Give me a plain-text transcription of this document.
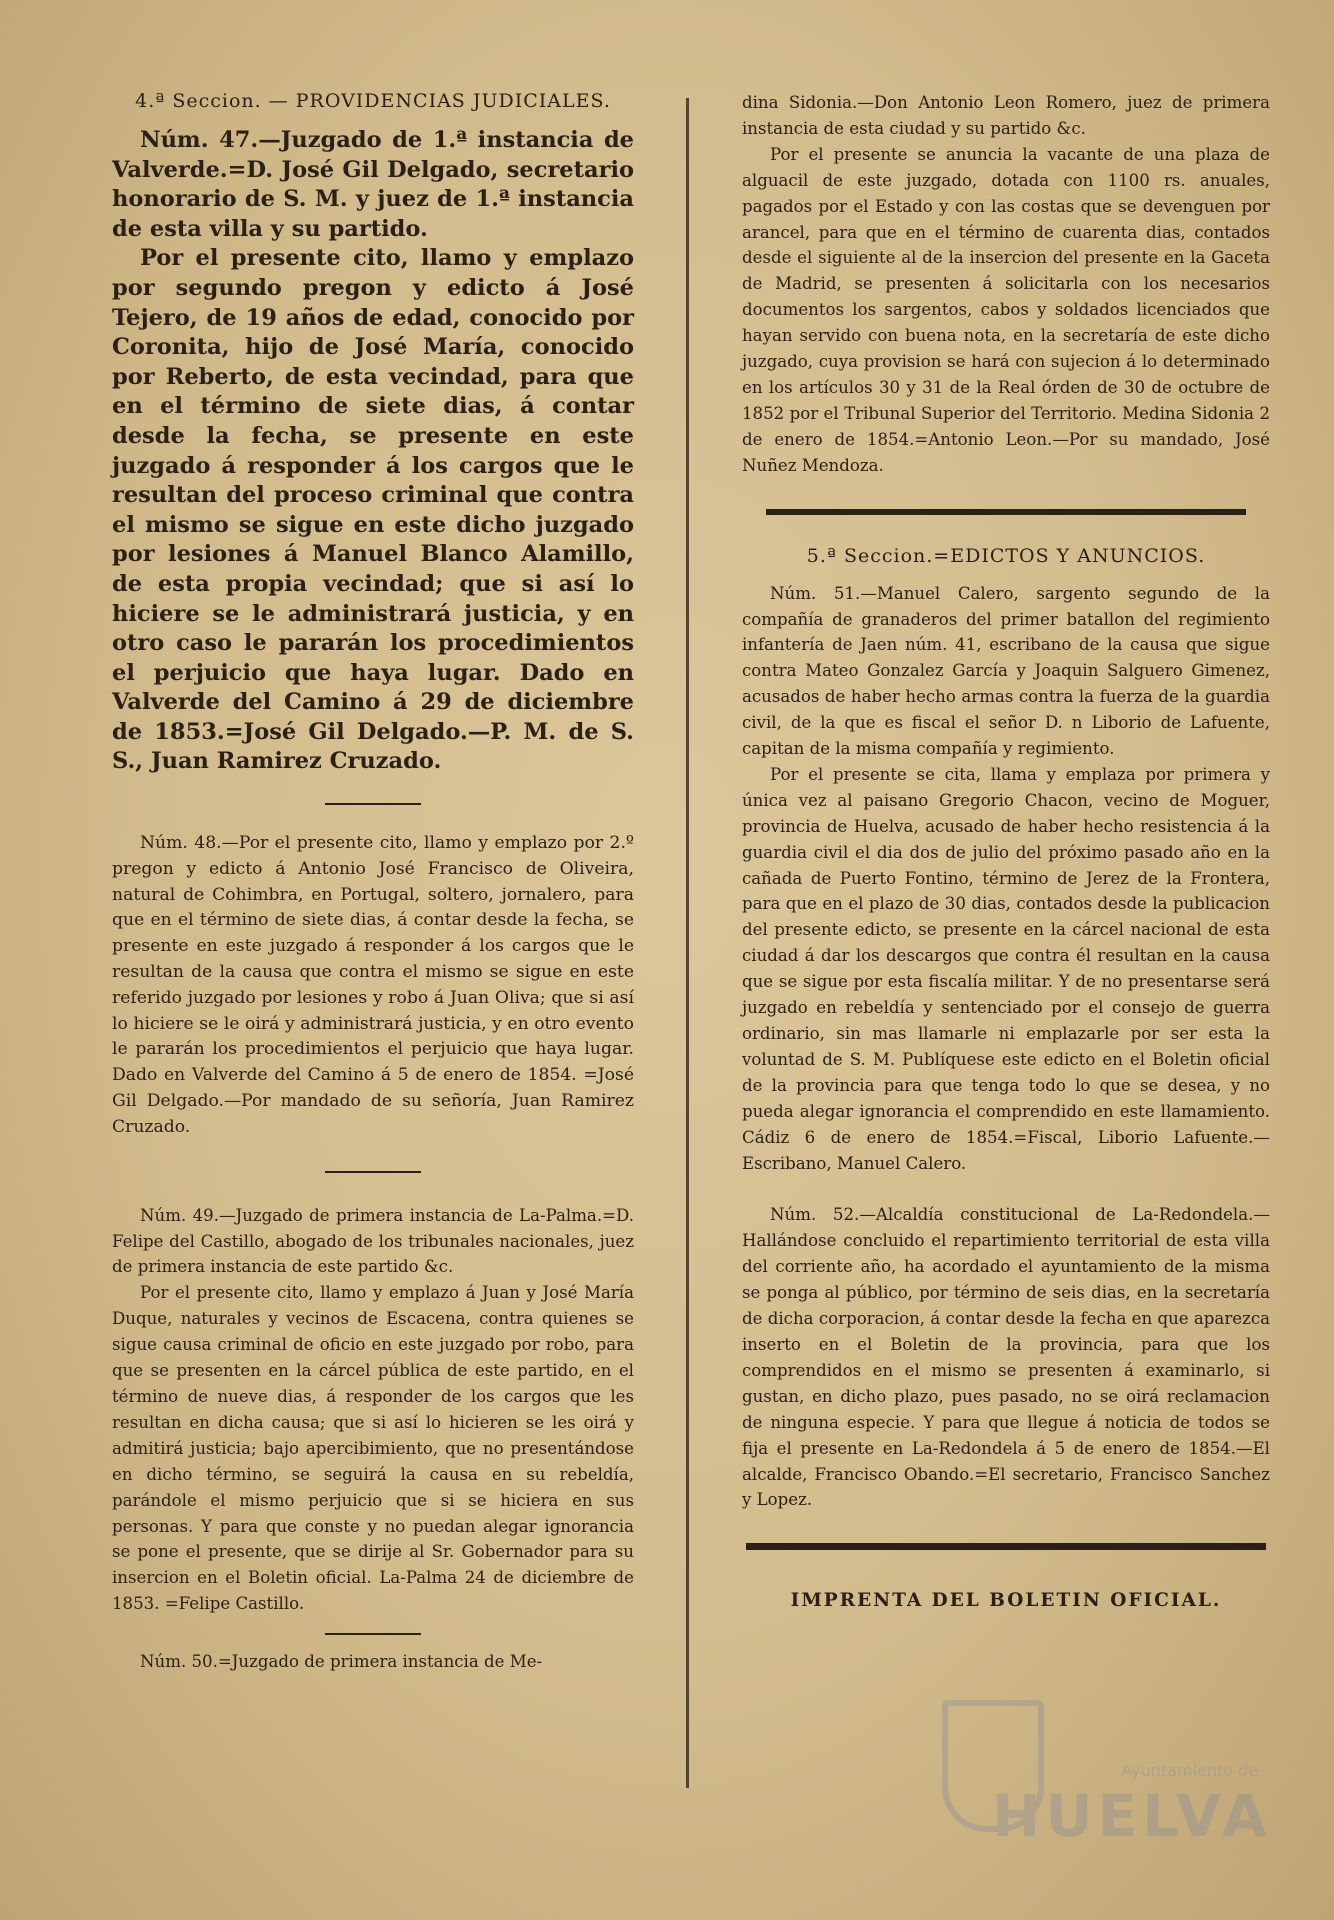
4.ª Seccion. — PROVIDENCIAS JUDICIALES.

Núm. 47.—Juzgado de 1.ª instancia de Valverde.=D. José Gil Delgado, secretario honorario de S. M. y juez de 1.ª instancia de esta villa y su partido.

Por el presente cito, llamo y emplazo por segundo pregon y edicto á José Tejero, de 19 años de edad, conocido por Coronita, hijo de José María, conocido por Reberto, de esta vecindad, para que en el término de siete dias, á contar desde la fecha, se presente en este juzgado á responder á los cargos que le resultan del proceso criminal que contra el mismo se sigue en este dicho juzgado por lesiones á Manuel Blanco Alamillo, de esta propia vecindad; que si así lo hiciere se le administrará justicia, y en otro caso le pararán los procedimientos el perjuicio que haya lugar. Dado en Valverde del Camino á 29 de diciembre de 1853.=José Gil Delgado.—P. M. de S. S., Juan Ramirez Cruzado.

Núm. 48.—Por el presente cito, llamo y emplazo por 2.º pregon y edicto á Antonio José Francisco de Oliveira, natural de Cohimbra, en Portugal, soltero, jornalero, para que en el término de siete dias, á contar desde la fecha, se presente en este juzgado á responder á los cargos que le resultan de la causa que contra el mismo se sigue en este referido juzgado por lesiones y robo á Juan Oliva; que si así lo hiciere se le oirá y administrará justicia, y en otro evento le pararán los procedimientos el perjuicio que haya lugar. Dado en Valverde del Camino á 5 de enero de 1854. =José Gil Delgado.—Por mandado de su señoría, Juan Ramirez Cruzado.

Núm. 49.—Juzgado de primera instancia de La-Palma.=D. Felipe del Castillo, abogado de los tribunales nacionales, juez de primera instancia de este partido &c.

Por el presente cito, llamo y emplazo á Juan y José María Duque, naturales y vecinos de Escacena, contra quienes se sigue causa criminal de oficio en este juzgado por robo, para que se presenten en la cárcel pública de este partido, en el término de nueve dias, á responder de los cargos que les resultan en dicha causa; que si así lo hicieren se les oirá y admitirá justicia; bajo apercibimiento, que no presentándose en dicho término, se seguirá la causa en su rebeldía, parándole el mismo perjuicio que si se hiciera en sus personas. Y para que conste y no puedan alegar ignorancia se pone el presente, que se dirije al Sr. Gobernador para su insercion en el Boletin oficial. La-Palma 24 de diciembre de 1853. =Felipe Castillo.

Núm. 50.=Juzgado de primera instancia de Me-

dina Sidonia.—Don Antonio Leon Romero, juez de primera instancia de esta ciudad y su partido &c.

Por el presente se anuncia la vacante de una plaza de alguacil de este juzgado, dotada con 1100 rs. anuales, pagados por el Estado y con las costas que se devenguen por arancel, para que en el término de cuarenta dias, contados desde el siguiente al de la insercion del presente en la Gaceta de Madrid, se presenten á solicitarla con los necesarios documentos los sargentos, cabos y soldados licenciados que hayan servido con buena nota, en la secretaría de este dicho juzgado, cuya provision se hará con sujecion á lo determinado en los artículos 30 y 31 de la Real órden de 30 de octubre de 1852 por el Tribunal Superior del Territorio. Medina Sidonia 2 de enero de 1854.=Antonio Leon.—Por su mandado, José Nuñez Mendoza.

5.ª Seccion.=EDICTOS Y ANUNCIOS.

Núm. 51.—Manuel Calero, sargento segundo de la compañía de granaderos del primer batallon del regimiento infantería de Jaen núm. 41, escribano de la causa que sigue contra Mateo Gonzalez García y Joaquin Salguero Gimenez, acusados de haber hecho armas contra la fuerza de la guardia civil, de la que es fiscal el señor D. n Liborio de Lafuente, capitan de la misma compañía y regimiento.

Por el presente se cita, llama y emplaza por primera y única vez al paisano Gregorio Chacon, vecino de Moguer, provincia de Huelva, acusado de haber hecho resistencia á la guardia civil el dia dos de julio del próximo pasado año en la cañada de Puerto Fontino, término de Jerez de la Frontera, para que en el plazo de 30 dias, contados desde la publicacion del presente edicto, se presente en la cárcel nacional de esta ciudad á dar los descargos que contra él resultan en la causa que se sigue por esta fiscalía militar. Y de no presentarse será juzgado en rebeldía y sentenciado por el consejo de guerra ordinario, sin mas llamarle ni emplazarle por ser esta la voluntad de S. M. Publíquese este edicto en el Boletin oficial de la provincia para que tenga todo lo que se desea, y no pueda alegar ignorancia el comprendido en este llamamiento. Cádiz 6 de enero de 1854.=Fiscal, Liborio Lafuente.—Escribano, Manuel Calero.

Núm. 52.—Alcaldía constitucional de La-Redondela.—Hallándose concluido el repartimiento territorial de esta villa del corriente año, ha acordado el ayuntamiento de la misma se ponga al público, por término de seis dias, en la secretaría de dicha corporacion, á contar desde la fecha en que aparezca inserto en el Boletin de la provincia, para que los comprendidos en el mismo se presenten á examinarlo, si gustan, en dicho plazo, pues pasado, no se oirá reclamacion de ninguna especie. Y para que llegue á noticia de todos se fija el presente en La-Redondela á 5 de enero de 1854.—El alcalde, Francisco Obando.=El secretario, Francisco Sanchez y Lopez.

IMPRENTA DEL BOLETIN OFICIAL.
Ayuntamiento de
HUELVA
